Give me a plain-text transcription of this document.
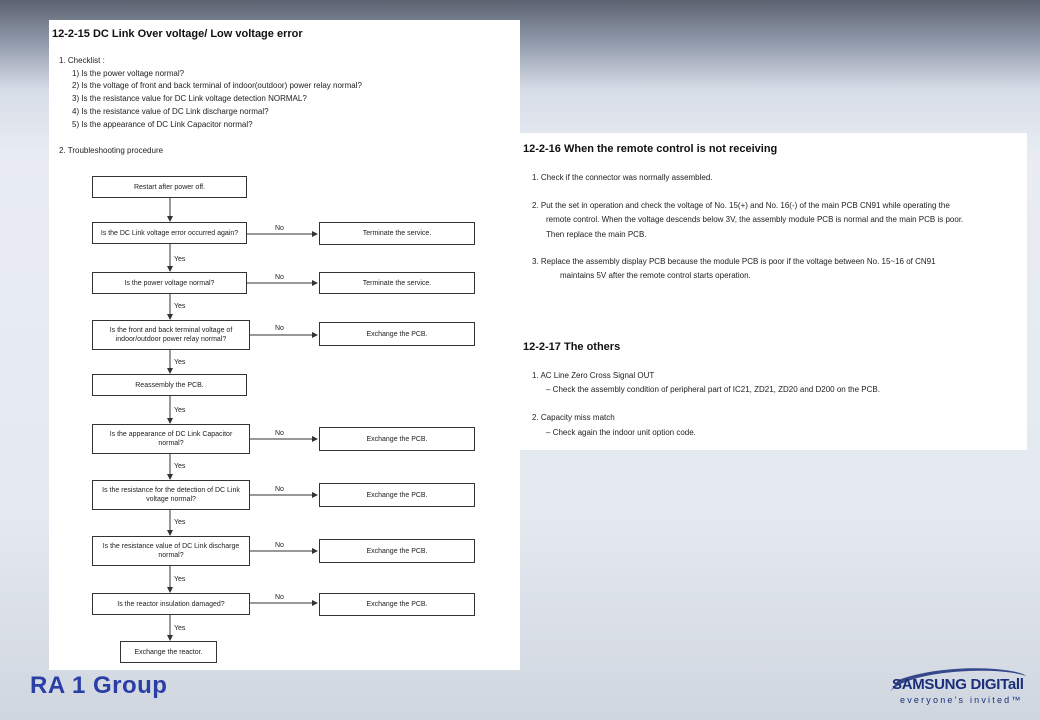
12-2-15 DC Link Over voltage/ Low voltage error
1. Checklist :
1) Is the power voltage normal?
2) Is the voltage of front and back terminal of indoor(outdoor) power relay normal?
3) Is the resistance value for DC Link voltage detection NORMAL?
4) Is the resistance value of DC Link discharge normal?
5) Is the appearance of DC Link Capacitor normal?
2. Troubleshooting procedure
Restart after power off.
Is the DC Link voltage error occurred again?	Terminate the service.
Is the power voltage normal?	Terminate the service.
Is the front and back terminal voltage of indoor/outdoor power relay normal?
Exchange the PCB.
Reassembly the PCB.
Is the appearance of DC Link Capacitor normal?
Exchange the PCB.
Is the resistance for the detection of DC Link voltage normal?
Exchange the PCB.
Is the resistance value of DC Link discharge normal?
Exchange the PCB.
Is the reactor insulation damaged?	Exchange the PCB.
Exchange the reactor.
No
No
No
No
No
No
No
Yes
Yes
Yes
Yes
Yes
Yes
Yes
Yes
12-2-16 When the remote control is not receiving
1. Check if the connector was normally assembled.
2. Put the set in operation and check the voltage of No. 15(+) and No. 16(-) of the main PCB CN91 while operating the
remote control. When the voltage descends below 3V, the assembly module PCB is normal and the main PCB is poor.
Then replace the main PCB.
3. Replace the assembly display PCB because the module PCB is poor if the voltage between No. 15~16 of CN91
maintains 5V after the remote control starts operation.
12-2-17 The others
1. AC Line Zero Cross Signal OUT
– Check the assembly condition of peripheral part of IC21, ZD21, ZD20 and D200 on the PCB.
2. Capacity miss match
– Check again the indoor unit option code.
RA 1 Group	SAMSUNG DIGITall
everyone's invited™
